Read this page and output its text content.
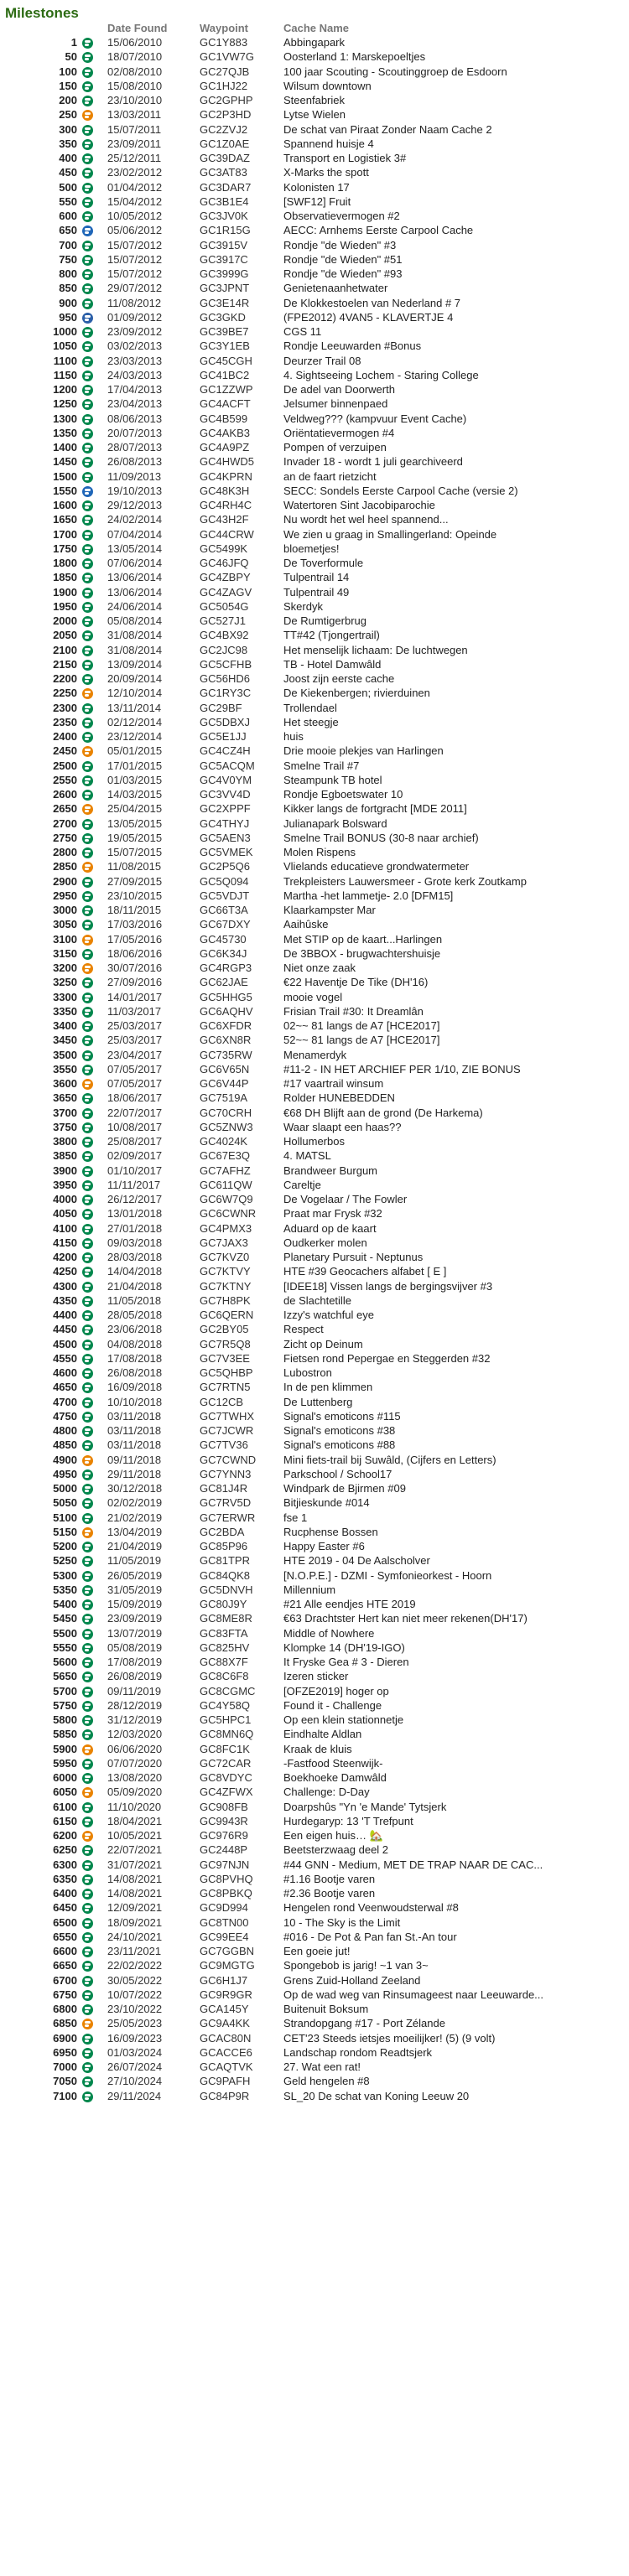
Milestones
		Date Found	Waypoint	Cache Name
1		15/06/2010	GC1Y883	Abbingapark
50		18/07/2010	GC1VW7G	Oosterland 1: Marskepoeltjes
100		02/08/2010	GC27QJB	100 jaar Scouting - Scoutinggroep de Esdoorn
150		15/08/2010	GC1HJ22	Wilsum downtown
200		23/10/2010	GC2GPHP	Steenfabriek
250		13/03/2011	GC2P3HD	Lytse Wielen
300		15/07/2011	GC2ZVJ2	De schat van Piraat Zonder Naam Cache 2
350		23/09/2011	GC1Z0AE	Spannend huisje 4
400		25/12/2011	GC39DAZ	Transport en Logistiek 3#
450		23/02/2012	GC3AT83	X-Marks the spott
500		01/04/2012	GC3DAR7	Kolonisten 17
550		15/04/2012	GC3B1E4	[SWF12] Fruit
600		10/05/2012	GC3JV0K	Observatievermogen #2
650		05/06/2012	GC1R15G	AECC: Arnhems Eerste Carpool Cache
700		15/07/2012	GC3915V	Rondje "de Wieden" #3
750		15/07/2012	GC3917C	Rondje "de Wieden" #51
800		15/07/2012	GC3999G	Rondje "de Wieden" #93
850		29/07/2012	GC3JPNT	Genietenaanhetwater
900		11/08/2012	GC3E14R	De Klokkestoelen van Nederland # 7
950		01/09/2012	GC3GKD	(FPE2012) 4VAN5 - KLAVERTJE 4
1000		23/09/2012	GC39BE7	CGS 11
1050		03/02/2013	GC3Y1EB	Rondje Leeuwarden #Bonus
1100		23/03/2013	GC45CGH	Deurzer Trail 08
1150		24/03/2013	GC41BC2	4. Sightseeing Lochem - Staring College
1200		17/04/2013	GC1ZZWP	De adel van Doorwerth
1250		23/04/2013	GC4ACFT	Jelsumer binnenpaed
1300		08/06/2013	GC4B599	Veldweg??? (kampvuur Event Cache)
1350		20/07/2013	GC4AKB3	Oriëntatievermogen #4
1400		28/07/2013	GC4A9PZ	Pompen of verzuipen
1450		26/08/2013	GC4HWD5	Invader 18 - wordt 1 juli gearchiveerd
1500		11/09/2013	GC4KPRN	an de faart rietzicht
1550		19/10/2013	GC48K3H	SECC: Sondels Eerste Carpool Cache (versie 2)
1600		29/12/2013	GC4RH4C	Watertoren Sint Jacobiparochie
1650		24/02/2014	GC43H2F	Nu wordt het wel heel spannend...
1700		07/04/2014	GC44CRW	We zien u graag in Smallingerland: Opeinde
1750		13/05/2014	GC5499K	bloemetjes!
1800		07/06/2014	GC46JFQ	De Toverformule
1850		13/06/2014	GC4ZBPY	Tulpentrail 14
1900		13/06/2014	GC4ZAGV	Tulpentrail 49
1950		24/06/2014	GC5054G	Skerdyk
2000		05/08/2014	GC527J1	De Rumtigerbrug
2050		31/08/2014	GC4BX92	TT#42 (Tjongertrail)
2100		31/08/2014	GC2JC98	Het menselijk lichaam: De luchtwegen
2150		13/09/2014	GC5CFHB	TB - Hotel Damwâld
2200		20/09/2014	GC56HD6	Joost zijn eerste cache
2250		12/10/2014	GC1RY3C	De Kiekenbergen; rivierduinen
2300		13/11/2014	GC29BF	Trollendael
2350		02/12/2014	GC5DBXJ	Het steegje
2400		23/12/2014	GC5E1JJ	huis
2450		05/01/2015	GC4CZ4H	Drie mooie plekjes van Harlingen
2500		17/01/2015	GC5ACQM	Smelne Trail #7
2550		01/03/2015	GC4V0YM	Steampunk TB hotel
2600		14/03/2015	GC3VV4D	Rondje Egboetswater 10
2650		25/04/2015	GC2XPPF	Kikker langs de fortgracht [MDE 2011]
2700		13/05/2015	GC4THYJ	Julianapark Bolsward
2750		19/05/2015	GC5AEN3	Smelne Trail BONUS (30-8 naar archief)
2800		15/07/2015	GC5VMEK	Molen Rispens
2850		11/08/2015	GC2P5Q6	Vlielands educatieve grondwatermeter
2900		27/09/2015	GC5Q094	Trekpleisters Lauwersmeer - Grote kerk Zoutkamp
2950		23/10/2015	GC5VDJT	Martha -het lammetje- 2.0 [DFM15]
3000		18/11/2015	GC66T3A	Klaarkampster Mar
3050		17/03/2016	GC67DXY	Aaihûske
3100		17/05/2016	GC45730	Met STIP op de kaart...Harlingen
3150		18/06/2016	GC6K34J	De 3BBOX - brugwachtershuisje
3200		30/07/2016	GC4RGP3	Niet onze zaak
3250		27/09/2016	GC62JAE	€22 Haventje De Tike (DH'16)
3300		14/01/2017	GC5HHG5	mooie vogel
3350		11/03/2017	GC6AQHV	Frisian Trail #30: It Dreamlân
3400		25/03/2017	GC6XFDR	02~~ 81 langs de A7 [HCE2017]
3450		25/03/2017	GC6XN8R	52~~ 81 langs de A7 [HCE2017]
3500		23/04/2017	GC735RW	Menamerdyk
3550		07/05/2017	GC6V65N	#11-2 - IN HET ARCHIEF PER 1/10, ZIE BONUS
3600		07/05/2017	GC6V44P	#17 vaartrail winsum
3650		18/06/2017	GC7519A	Rolder HUNEBEDDEN
3700		22/07/2017	GC70CRH	€68 DH Blijft aan de grond (De Harkema)
3750		10/08/2017	GC5ZNW3	Waar slaapt een haas??
3800		25/08/2017	GC4024K	Hollumerbos
3850		02/09/2017	GC67E3Q	4. MATSL
3900		01/10/2017	GC7AFHZ	Brandweer Burgum
3950		11/11/2017	GC611QW	Careltje
4000		26/12/2017	GC6W7Q9	De Vogelaar / The Fowler
4050		13/01/2018	GC6CWNR	Praat mar Frysk #32
4100		27/01/2018	GC4PMX3	Aduard op de kaart
4150		09/03/2018	GC7JAX3	Oudkerker molen
4200		28/03/2018	GC7KVZ0	Planetary Pursuit - Neptunus
4250		14/04/2018	GC7KTVY	HTE #39 Geocachers alfabet [ E ]
4300		21/04/2018	GC7KTNY	[IDEE18] Vissen langs de bergingsvijver #3
4350		11/05/2018	GC7H8PK	de Slachtetille
4400		28/05/2018	GC6QERN	Izzy's watchful eye
4450		23/06/2018	GC2BY05	Respect
4500		04/08/2018	GC7R5Q8	Zicht op Deinum
4550		17/08/2018	GC7V3EE	Fietsen rond Pepergae en Steggerden #32
4600		26/08/2018	GC5QHBP	Lubostron
4650		16/09/2018	GC7RTN5	In de pen klimmen
4700		10/10/2018	GC12CB	De Luttenberg
4750		03/11/2018	GC7TWHX	Signal's emoticons #115
4800		03/11/2018	GC7JCWR	Signal's emoticons #38
4850		03/11/2018	GC7TV36	Signal's emoticons #88
4900		09/11/2018	GC7CWND	Mini fiets-trail bij Suwâld, (Cijfers en Letters)
4950		29/11/2018	GC7YNN3	Parkschool / School17
5000		30/12/2018	GC81J4R	Windpark de Bjirmen #09
5050		02/02/2019	GC7RV5D	Bitjieskunde #014
5100		21/02/2019	GC7ERWR	fse 1
5150		13/04/2019	GC2BDA	Rucphense Bossen
5200		21/04/2019	GC85P96	Happy Easter #6
5250		11/05/2019	GC81TPR	HTE 2019 - 04 De Aalscholver
5300		26/05/2019	GC84QK8	[N.O.P.E.] - DZMI - Symfonieorkest - Hoorn
5350		31/05/2019	GC5DNVH	Millennium
5400		15/09/2019	GC80J9Y	#21 Alle eendjes HTE 2019
5450		23/09/2019	GC8ME8R	€63 Drachtster Hert kan niet meer rekenen(DH'17)
5500		13/07/2019	GC83FTA	Middle of Nowhere
5550		05/08/2019	GC825HV	Klompke 14 (DH'19-IGO)
5600		17/08/2019	GC88X7F	It Fryske Gea # 3 - Dieren
5650		26/08/2019	GC8C6F8	Izeren sticker
5700		09/11/2019	GC8CGMC	[OFZE2019] hoger op
5750		28/12/2019	GC4Y58Q	Found it - Challenge
5800		31/12/2019	GC5HPC1	Op een klein stationnetje
5850		12/03/2020	GC8MN6Q	Eindhalte Aldlan
5900		06/06/2020	GC8FC1K	Kraak de kluis
5950		07/07/2020	GC72CAR	-Fastfood Steenwijk-
6000		13/08/2020	GC8VDYC	Boekhoeke Damwâld
6050		05/09/2020	GC4ZFWX	Challenge: D-Day
6100		11/10/2020	GC908FB	Doarpshûs "Yn 'e Mande' Tytsjerk
6150		18/04/2021	GC9943R	Hurdegaryp: 13 'T Trefpunt
6200		10/05/2021	GC976R9	Een eigen huis… 🏡
6250		22/07/2021	GC2448P	Beetsterzwaag deel 2
6300		31/07/2021	GC97NJN	#44 GNN - Medium, MET DE TRAP NAAR DE CAC...
6350		14/08/2021	GC8PVHQ	#1.16 Bootje varen
6400		14/08/2021	GC8PBKQ	#2.36 Bootje varen
6450		12/09/2021	GC9D994	Hengelen rond Veenwoudsterwal #8
6500		18/09/2021	GC8TN00	10 - The Sky is the Limit
6550		24/10/2021	GC99EE4	#016 - De Pot & Pan fan St.-An tour
6600		23/11/2021	GC7GGBN	Een goeie jut!
6650		22/02/2022	GC9MGTG	Spongebob is jarig! ~1 van 3~
6700		30/05/2022	GC6H1J7	Grens Zuid-Holland Zeeland
6750		10/07/2022	GC9R9GR	Op de wad weg van Rinsumageest naar Leeuwarde...
6800		23/10/2022	GCA145Y	Buitenuit Boksum
6850		25/05/2023	GC9A4KK	Strandopgang #17 - Port Zélande
6900		16/09/2023	GCAC80N	CET'23 Steeds ietsjes moeilijker! (5) (9 volt)
6950		01/03/2024	GCACCE6	Landschap rondom Readtsjerk
7000		26/07/2024	GCAQTVK	27. Wat een rat!
7050		27/10/2024	GC9PAFH	Geld hengelen #8
7100		29/11/2024	GC84P9R	SL_20 De schat van Koning Leeuw 20
